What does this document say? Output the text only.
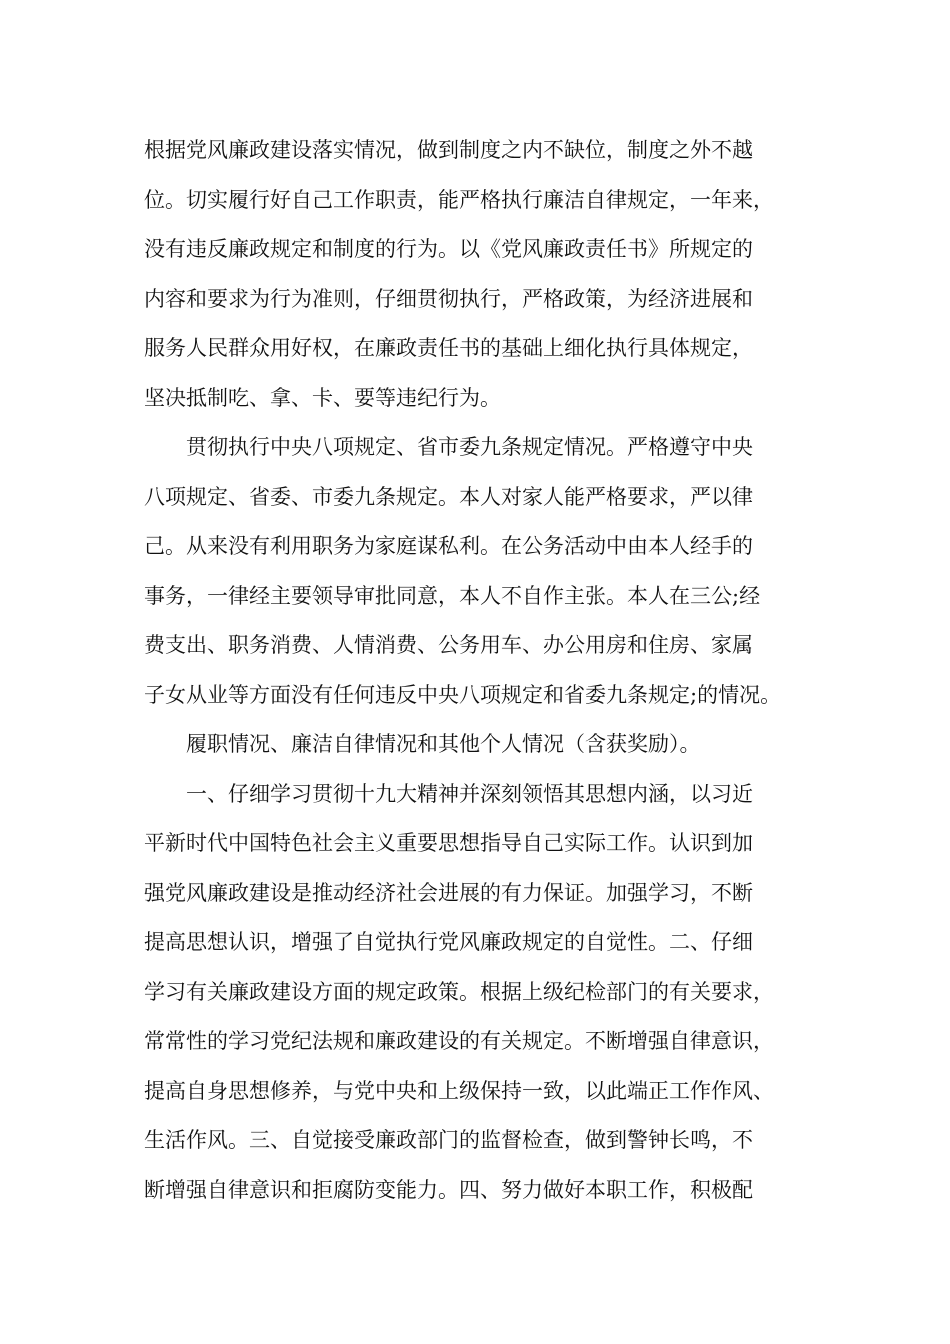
根据党风廉政建设落实情况，做到制度之内不缺位，制度之外不越
位。切实履行好自己工作职责，能严格执行廉洁自律规定，一年来，
没有违反廉政规定和制度的行为。以《党风廉政责任书》所规定的
内容和要求为行为准则，仔细贯彻执行，严格政策，为经济进展和
服务人民群众用好权，在廉政责任书的基础上细化执行具体规定，
坚决抵制吃、拿、卡、要等违纪行为。
贯彻执行中央八项规定、省市委九条规定情况。严格遵守中央
八项规定、省委、市委九条规定。本人对家人能严格要求，严以律
己。从来没有利用职务为家庭谋私利。在公务活动中由本人经手的
事务，一律经主要领导审批同意，本人不自作主张。本人在三公;经
费支出、职务消费、人情消费、公务用车、办公用房和住房、家属
子女从业等方面没有任何违反中央八项规定和省委九条规定;的情况。
履职情况、廉洁自律情况和其他个人情况（含获奖励）。
一、仔细学习贯彻十九大精神并深刻领悟其思想内涵，以习近
平新时代中国特色社会主义重要思想指导自己实际工作。认识到加
强党风廉政建设是推动经济社会进展的有力保证。加强学习，不断
提高思想认识，增强了自觉执行党风廉政规定的自觉性。二、仔细
学习有关廉政建设方面的规定政策。根据上级纪检部门的有关要求，
常常性的学习党纪法规和廉政建设的有关规定。不断增强自律意识，
提高自身思想修养，与党中央和上级保持一致，以此端正工作作风、
生活作风。三、自觉接受廉政部门的监督检查，做到警钟长鸣，不
断增强自律意识和拒腐防变能力。四、努力做好本职工作，积极配
